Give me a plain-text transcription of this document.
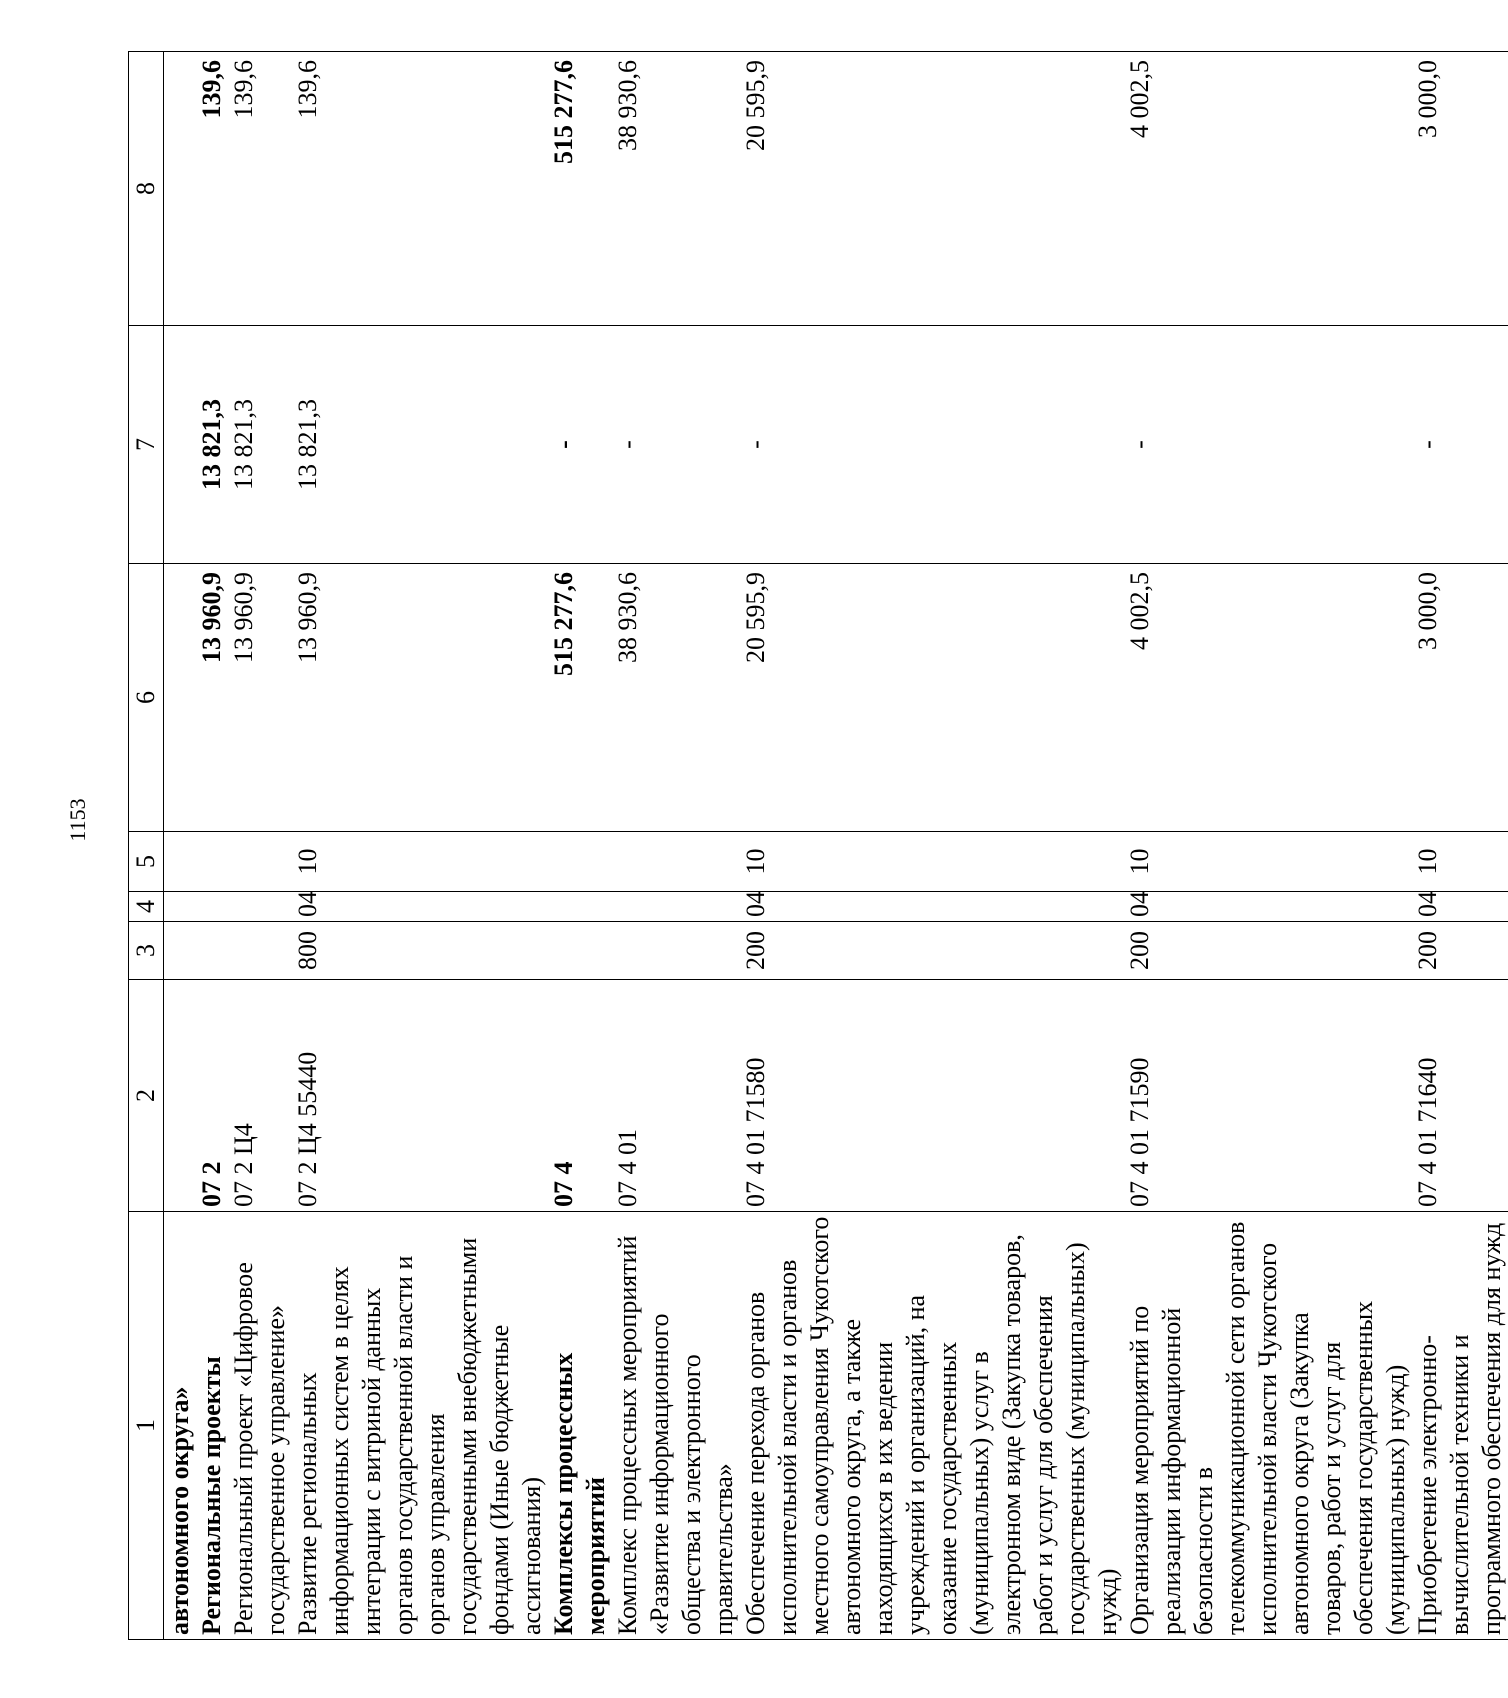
1153
1	2	3	4	5	6	7	8
автономного округа»							
Региональные проекты	07 2				13 960,9	13 821,3	139,6
Региональный проект «Цифровое государственное управление»	07 2 Ц4				13 960,9	13 821,3	139,6
Развитие региональных информационных систем в целях интеграции с витриной данных органов государственной власти и органов управления государственными внебюджетными фондами (Иные бюджетные ассигнования)	07 2 Ц4 55440	800	04	10	13 960,9	13 821,3	139,6
Комплексы процессных мероприятий	07 4				515 277,6	-	515 277,6
Комплекс процессных мероприятий «Развитие информационного общества и электронного правительства»	07 4 01				38 930,6	-	38 930,6
Обеспечение перехода органов исполнительной власти и органов местного самоуправления Чукотского автономного округа, а также находящихся в их ведении учреждений и организаций, на оказание государственных (муниципальных) услуг в электронном виде (Закупка товаров, работ и услуг для обеспечения государственных (муниципальных) нужд)	07 4 01 71580	200	04	10	20 595,9	-	20 595,9
Организация мероприятий по реализации информационной безопасности в телекоммуникационной сети органов исполнительной власти Чукотского автономного округа (Закупка товаров, работ и услуг для обеспечения государственных (муниципальных) нужд)	07 4 01 71590	200	04	10	4 002,5	-	4 002,5
Приобретение электронно-вычислительной техники и программного обеспечения для нужд	07 4 01 71640	200	04	10	3 000,0	-	3 000,0
